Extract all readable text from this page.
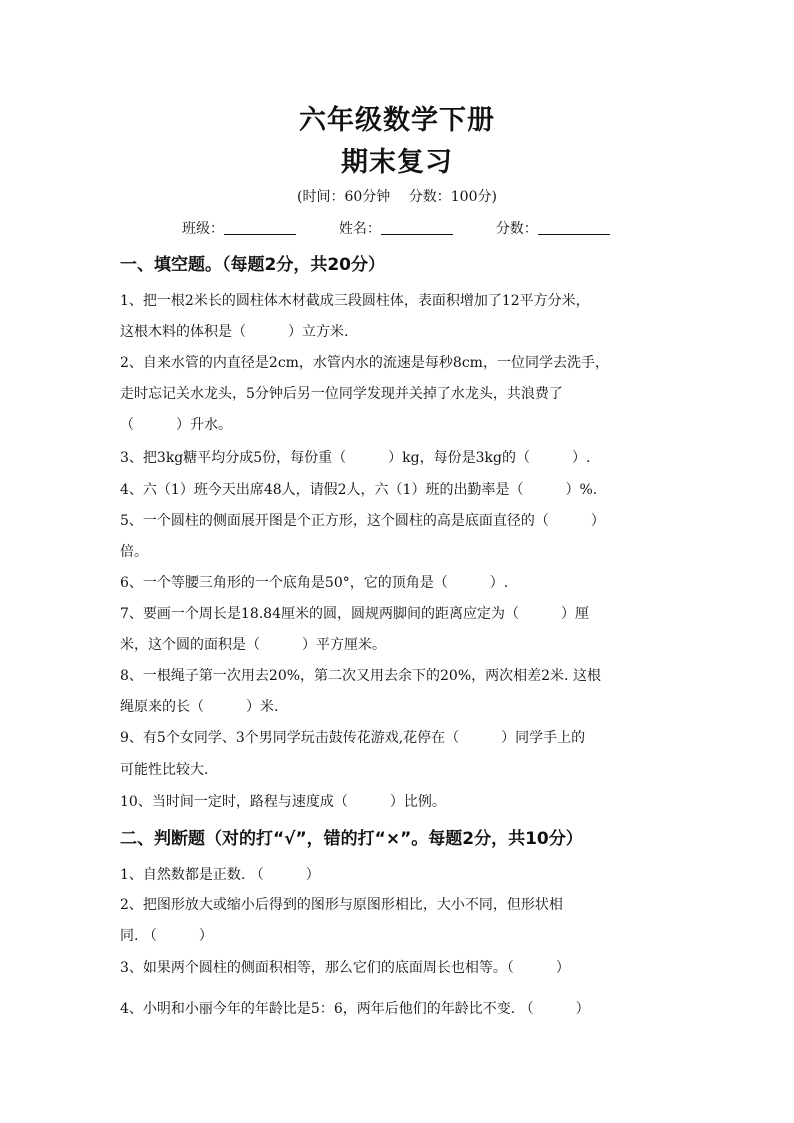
六年级数学下册
期末复习
(时间：60分钟　 分数：100分)
班级：	姓名：	分数：
一、填空题。（每题2分，共20分）
1、把一根2米长的圆柱体木材截成三段圆柱体，表面积增加了12平方分米，
这根木料的体积是（　　　）立方米.
2、自来水管的内直径是2cm，水管内水的流速是每秒8cm，一位同学去洗手，
走时忘记关水龙头，5分钟后另一位同学发现并关掉了水龙头，共浪费了
（　　　）升水。
3、把3kg糖平均分成5份，每份重（　　　）kg，每份是3kg的（　　　）.
4、六（1）班今天出席48人，请假2人，六（1）班的出勤率是（　　　）%.
5、一个圆柱的侧面展开图是个正方形，这个圆柱的高是底面直径的（　　　）
倍。
6、一个等腰三角形的一个底角是50°，它的顶角是（　　　）.
7、要画一个周长是18.84厘米的圆，圆规两脚间的距离应定为（　　　）厘
米，这个圆的面积是（　　　）平方厘米。
8、一根绳子第一次用去20%，第二次又用去余下的20%，两次相差2米. 这根
绳原来的长（　　　）米.
9、有5个女同学、3个男同学玩击鼓传花游戏,花停在（　　　）同学手上的
可能性比较大.
10、当时间一定时，路程与速度成（　　　）比例。
二、判断题（对的打“√”，错的打“×”。每题2分，共10分）
1、自然数都是正数. （　　　）
2、把图形放大或缩小后得到的图形与原图形相比，大小不同，但形状相
同. （　　　）
3、如果两个圆柱的侧面积相等，那么它们的底面周长也相等。（　　　）
4、小明和小丽今年的年龄比是5：6，两年后他们的年龄比不变. （　　　）
